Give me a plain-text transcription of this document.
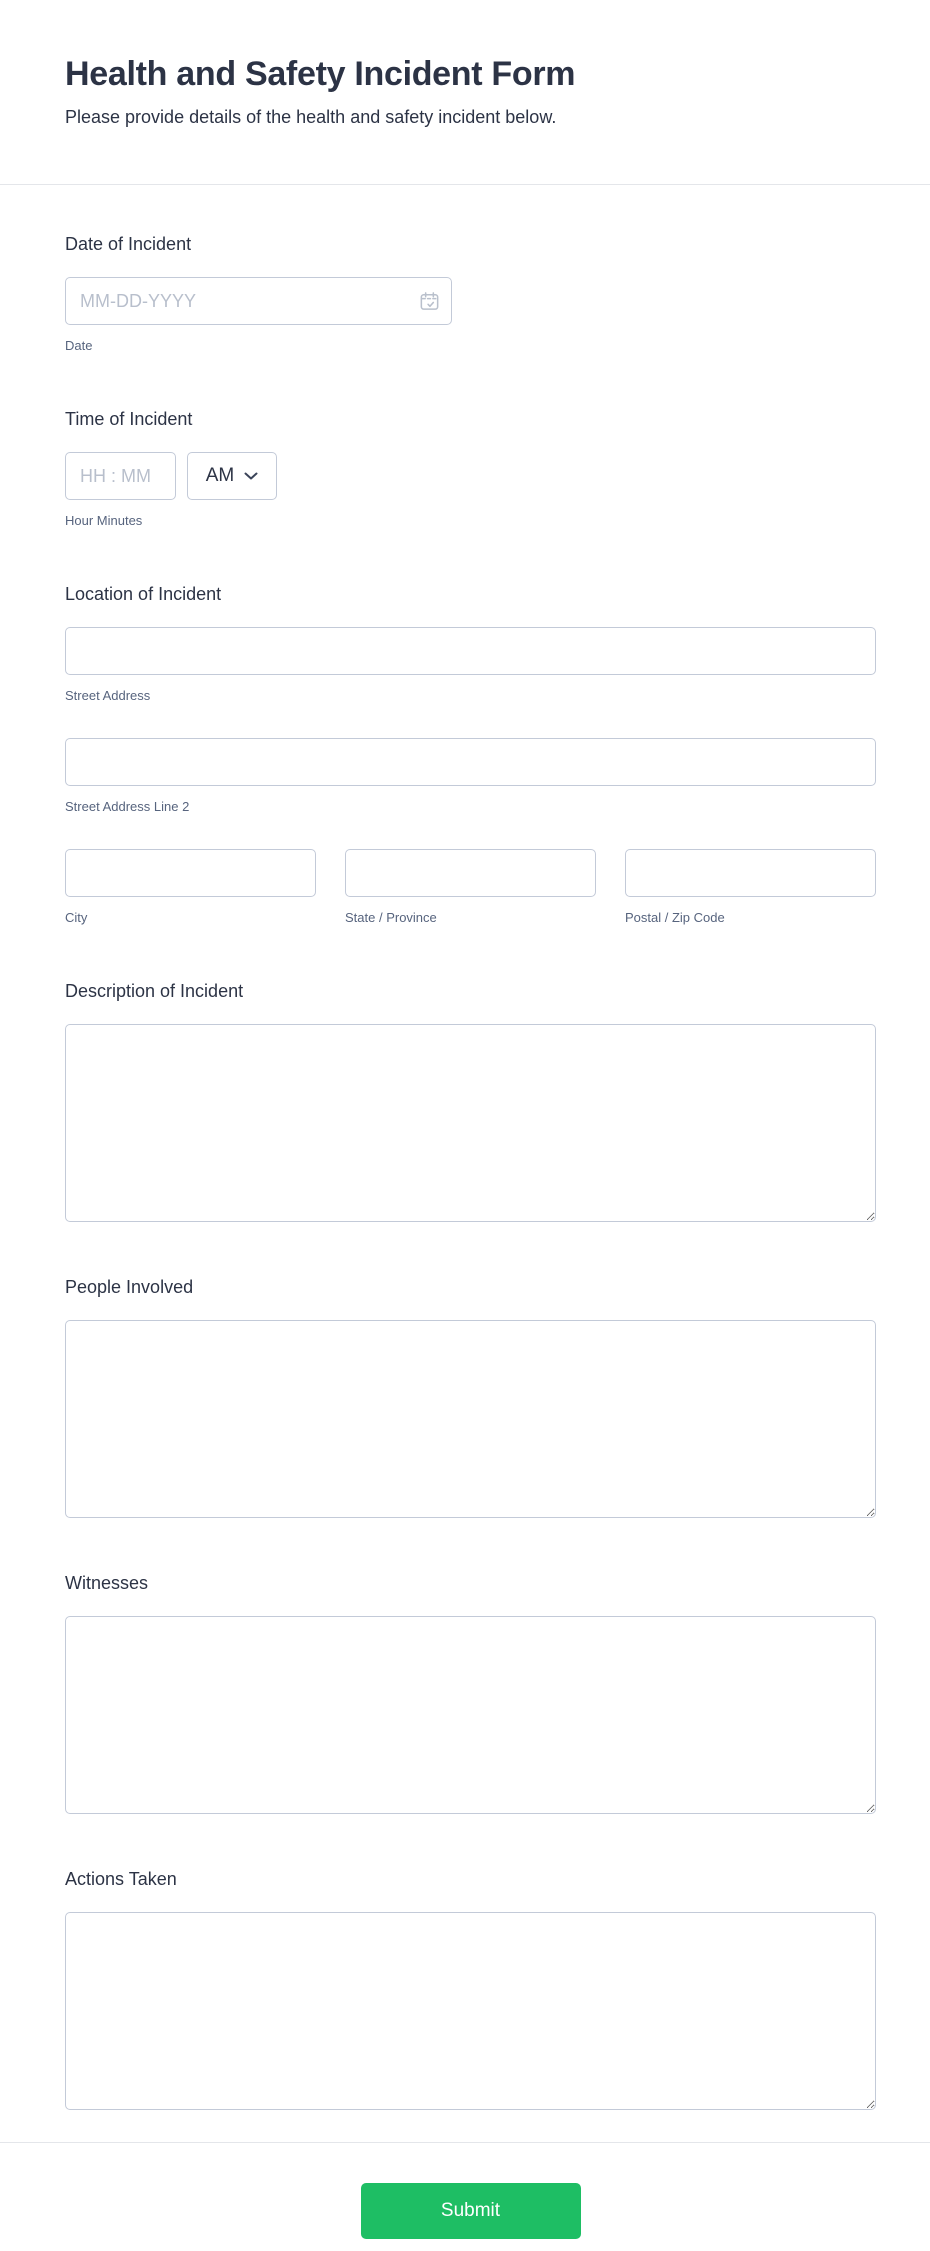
Health and Safety Incident Form

Please provide details of the health and safety incident below.

Date of Incident
MM-DD-YYYY
Date
Time of Incident
HH : MM
AM
Hour Minutes
Location of Incident
Street Address
Street Address Line 2
City	State / Province	Postal / Zip Code
Description of Incident
People Involved
Witnesses
Actions Taken
Submit
